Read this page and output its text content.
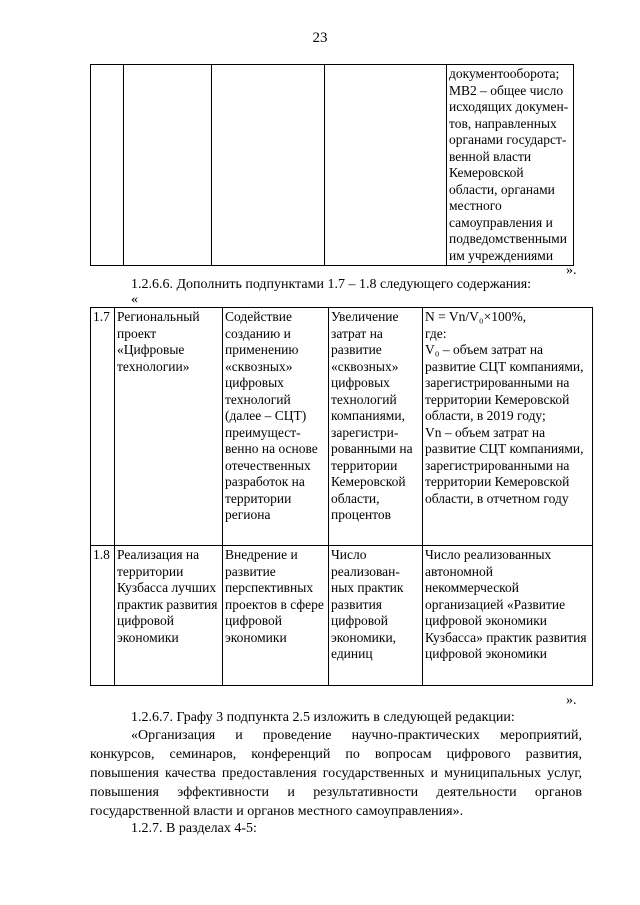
23
				документооборота;
МВ2 – общее число исходящих докумен-
тов, направленных органами государст-
венной власти Кемеровской области, органами местного самоуправления и подведомственными им учреждениями
».
1.2.6.6. Дополнить подпунктами 1.7 – 1.8 следующего содержания:
«
1.7	Региональный проект «Цифровые технологии»	Содействие созданию и применению «сквозных» цифровых технологий (далее – СЦТ) преимущест-
венно на основе отечественных разработок на территории региона	Увеличение затрат на развитие «сквозных» цифровых технологий компаниями, зарегистри-
рованными на территории Кемеровской области, процентов	N = Vn/V₀×100%,
где:
V₀ – объем затрат на развитие СЦТ компаниями, зарегистрированными на территории Кемеровской области, в 2019 году;
Vn – объем затрат на развитие СЦТ компаниями, зарегистрированными на территории Кемеровской области, в отчетном году
1.8	Реализация на территории Кузбасса лучших практик развития цифровой экономики	Внедрение и развитие перспективных проектов в сфере цифровой экономики	Число реализован-
ных практик развития цифровой экономики, единиц	Число реализованных автономной некоммерческой организацией «Развитие цифровой экономики Кузбасса» практик развития цифровой экономики
».
1.2.6.7. Графу 3 подпункта 2.5 изложить в следующей редакции:
«Организация и проведение научно-практических мероприятий, конкурсов, семинаров, конференций по вопросам цифрового развития, повышения качества предоставления государственных и муниципальных услуг, повышения эффективности и результативности деятельности органов государственной власти и органов местного самоуправления».
1.2.7. В разделах 4-5:
